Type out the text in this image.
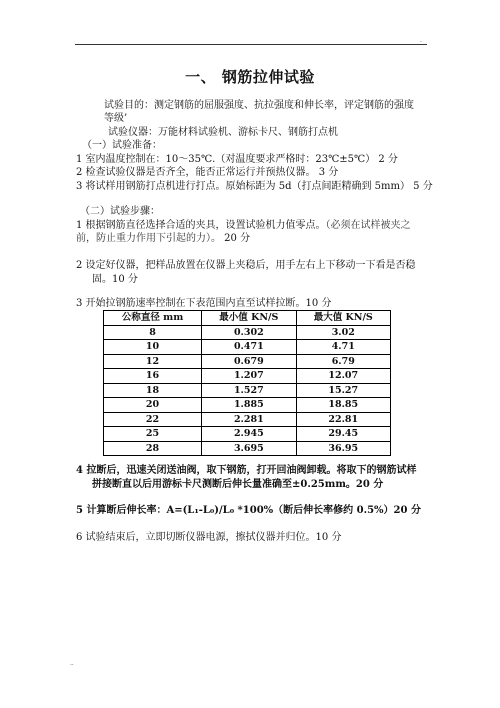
.
一、 钢筋拉伸试验
试验目的：测定钢筋的屈服强度、抗拉强度和伸长率，评定钢筋的强度
等级’
试验仪器：万能材料试验机、游标卡尺、钢筋打点机
（一）试验准备：
1 室内温度控制在：10～35℃.（对温度要求严格时：23℃±5℃） 2 分
2 检查试验仪器是否齐全，能否正常运行并预热仪器。 3 分
3 将试样用钢筋打点机进行打点。原始标距为 5d（打点间距精确到 5mm） 5 分
（二）试验步骤：
1 根据钢筋直径选择合适的夹具，设置试验机力值零点。（必须在试样被夹之前，防止重力作用下引起的力）。 20 分
2 设定好仪器，把样品放置在仪器上夹稳后，用手左右上下移动一下看是否稳
固。10 分
3 开始拉钢筋速率控制在下表范围内直至试样拉断。10 分
公称直径 mm	最小值 KN/S	最大值 KN/S
8	0.302	3.02
10	0.471	4.71
12	0.679	6.79
16	1.207	12.07
18	1.527	15.27
20	1.885	18.85
22	2.281	22.81
25	2.945	29.45
28	3.695	36.95
4 拉断后，迅速关闭送油阀，取下钢筋，打开回油阀卸载。将取下的钢筋试样
拼接断直以后用游标卡尺测断后伸长量准确至±0.25mm。20 分
5 计算断后伸长率：A=(L₁-L₀)/L₀ *100%（断后伸长率修约 0.5%）20 分
6 试验结束后，立即切断仪器电源，擦拭仪器并归位。10 分
..
